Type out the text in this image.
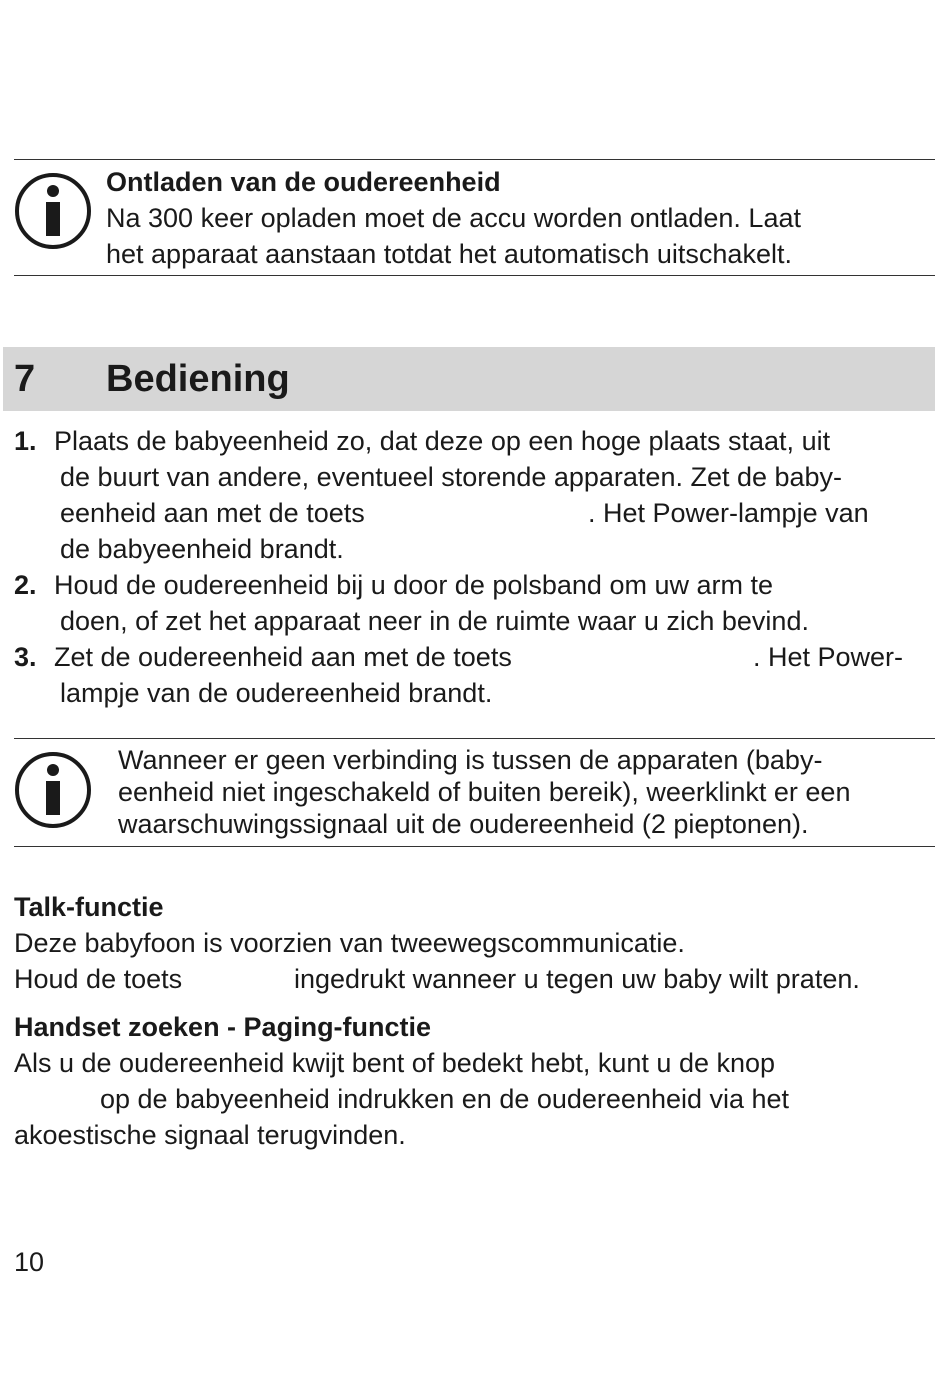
Ontladen van de oudereenheid
Na 300 keer opladen moet de accu worden ontladen. Laat
het apparaat aanstaan totdat het automatisch uitschakelt.
7 Bediening
1. Plaats de babyeenheid zo, dat deze op een hoge plaats staat, uit
de buurt van andere, eventueel storende apparaten. Zet de baby-
eenheid aan met de toets	. Het Power-lampje van
de babyeenheid brandt.
2. Houd de oudereenheid bij u door de polsband om uw arm te
doen, of zet het apparaat neer in de ruimte waar u zich bevind.
3. Zet de oudereenheid aan met de toets	. Het Power-
lampje van de oudereenheid brandt.
Wanneer er geen verbinding is tussen de apparaten (baby-
eenheid niet ingeschakeld of buiten bereik), weerklinkt er een
waarschuwingssignaal uit de oudereenheid (2 pieptonen).
Talk-functie
Deze babyfoon is voorzien van tweewegscommunicatie.
Houd de toets	ingedrukt wanneer u tegen uw baby wilt praten.
Handset zoeken - Paging-functie
Als u de oudereenheid kwijt bent of bedekt hebt, kunt u de knop
op de babyeenheid indrukken en de oudereenheid via het
akoestische signaal terugvinden.
10
